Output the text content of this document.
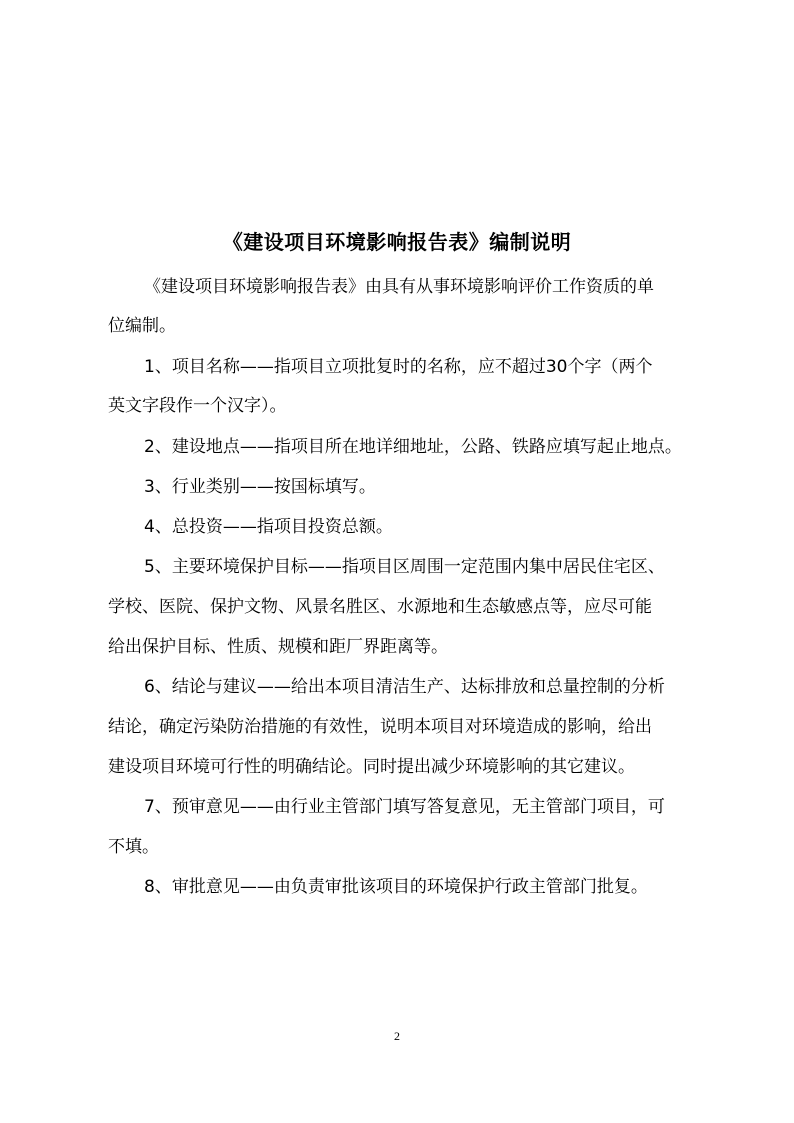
《建设项目环境影响报告表》编制说明

《建设项目环境影响报告表》由具有从事环境影响评价工作资质的单

位编制。

1、项目名称——指项目立项批复时的名称，应不超过30个字（两个

英文字段作一个汉字）。

2、建设地点——指项目所在地详细地址，公路、铁路应填写起止地点。

3、行业类别——按国标填写。

4、总投资——指项目投资总额。

5、主要环境保护目标——指项目区周围一定范围内集中居民住宅区、

学校、医院、保护文物、风景名胜区、水源地和生态敏感点等，应尽可能

给出保护目标、性质、规模和距厂界距离等。

6、结论与建议——给出本项目清洁生产、达标排放和总量控制的分析

结论，确定污染防治措施的有效性，说明本项目对环境造成的影响，给出

建设项目环境可行性的明确结论。同时提出减少环境影响的其它建议。

7、预审意见——由行业主管部门填写答复意见，无主管部门项目，可

不填。

8、审批意见——由负责审批该项目的环境保护行政主管部门批复。

2
